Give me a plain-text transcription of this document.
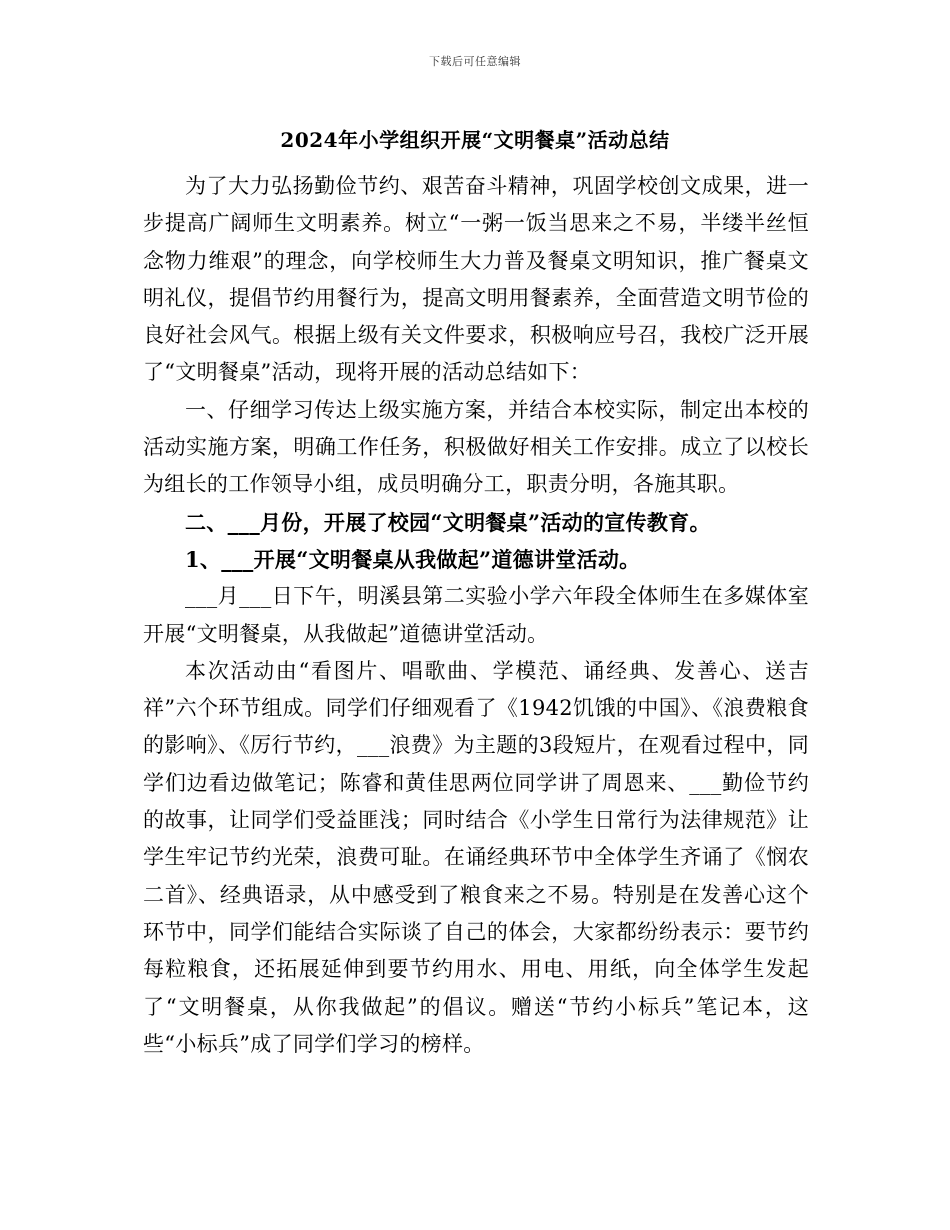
下载后可任意编辑
2024年小学组织开展“文明餐桌”活动总结

为了大力弘扬勤俭节约、艰苦奋斗精神，巩固学校创文成果，进一步提高广阔师生文明素养。树立“一粥一饭当思来之不易，半缕半丝恒念物力维艰”的理念，向学校师生大力普及餐桌文明知识，推广餐桌文明礼仪，提倡节约用餐行为，提高文明用餐素养，全面营造文明节俭的良好社会风气。根据上级有关文件要求，积极响应号召，我校广泛开展了“文明餐桌”活动，现将开展的活动总结如下：

一、仔细学习传达上级实施方案，并结合本校实际，制定出本校的活动实施方案，明确工作任务，积极做好相关工作安排。成立了以校长为组长的工作领导小组，成员明确分工，职责分明，各施其职。

二、___月份，开展了校园“文明餐桌”活动的宣传教育。

1、___开展“文明餐桌从我做起”道德讲堂活动。

___月___日下午，明溪县第二实验小学六年段全体师生在多媒体室开展“文明餐桌，从我做起”道德讲堂活动。

本次活动由“看图片、唱歌曲、学模范、诵经典、发善心、送吉祥”六个环节组成。同学们仔细观看了《1942饥饿的中国》、《浪费粮食的影响》、《厉行节约，___浪费》为主题的3段短片，在观看过程中，同学们边看边做笔记；陈睿和黄佳思两位同学讲了周恩来、___勤俭节约的故事，让同学们受益匪浅；同时结合《小学生日常行为法律规范》让学生牢记节约光荣，浪费可耻。在诵经典环节中全体学生齐诵了《悯农二首》、经典语录，从中感受到了粮食来之不易。特别是在发善心这个环节中，同学们能结合实际谈了自己的体会，大家都纷纷表示：要节约每粒粮食，还拓展延伸到要节约用水、用电、用纸，向全体学生发起了“文明餐桌，从你我做起”的倡议。赠送“节约小标兵”笔记本，这些“小标兵”成了同学们学习的榜样。
